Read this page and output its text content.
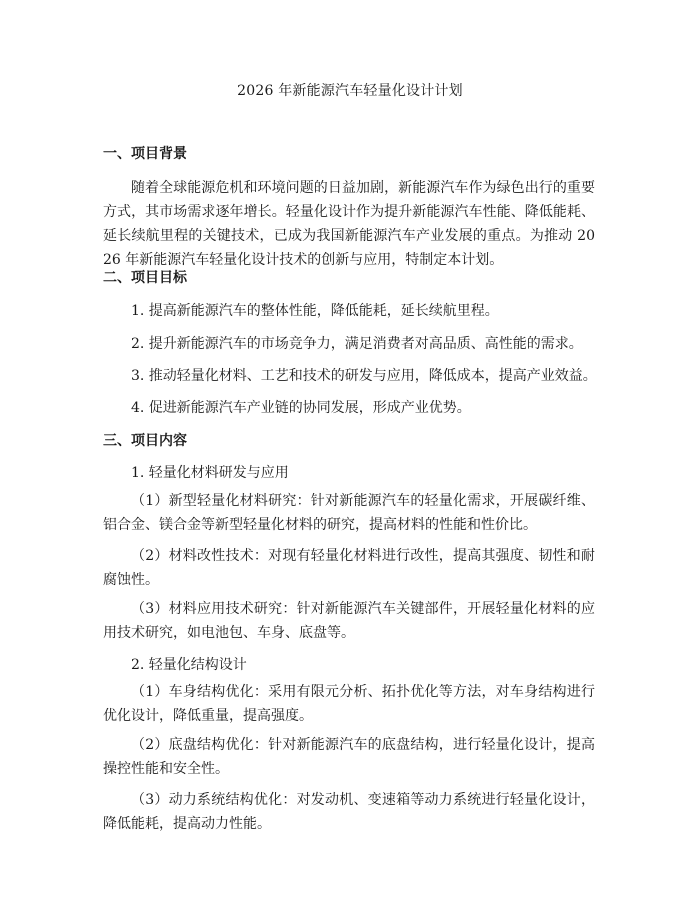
2026 年新能源汽车轻量化设计计划
一、项目背景
随着全球能源危机和环境问题的日益加剧，新能源汽车作为绿色出行的重要方式，其市场需求逐年增长。轻量化设计作为提升新能源汽车性能、降低能耗、延长续航里程的关键技术，已成为我国新能源汽车产业发展的重点。为推动 2026 年新能源汽车轻量化设计技术的创新与应用，特制定本计划。
二、项目目标
1. 提高新能源汽车的整体性能，降低能耗，延长续航里程。
2. 提升新能源汽车的市场竞争力，满足消费者对高品质、高性能的需求。
3. 推动轻量化材料、工艺和技术的研发与应用，降低成本，提高产业效益。
4. 促进新能源汽车产业链的协同发展，形成产业优势。
三、项目内容
1. 轻量化材料研发与应用
（1）新型轻量化材料研究：针对新能源汽车的轻量化需求，开展碳纤维、铝合金、镁合金等新型轻量化材料的研究，提高材料的性能和性价比。
（2）材料改性技术：对现有轻量化材料进行改性，提高其强度、韧性和耐腐蚀性。
（3）材料应用技术研究：针对新能源汽车关键部件，开展轻量化材料的应用技术研究，如电池包、车身、底盘等。
2. 轻量化结构设计
（1）车身结构优化：采用有限元分析、拓扑优化等方法，对车身结构进行优化设计，降低重量，提高强度。
（2）底盘结构优化：针对新能源汽车的底盘结构，进行轻量化设计，提高操控性能和安全性。
（3）动力系统结构优化：对发动机、变速箱等动力系统进行轻量化设计，降低能耗，提高动力性能。
